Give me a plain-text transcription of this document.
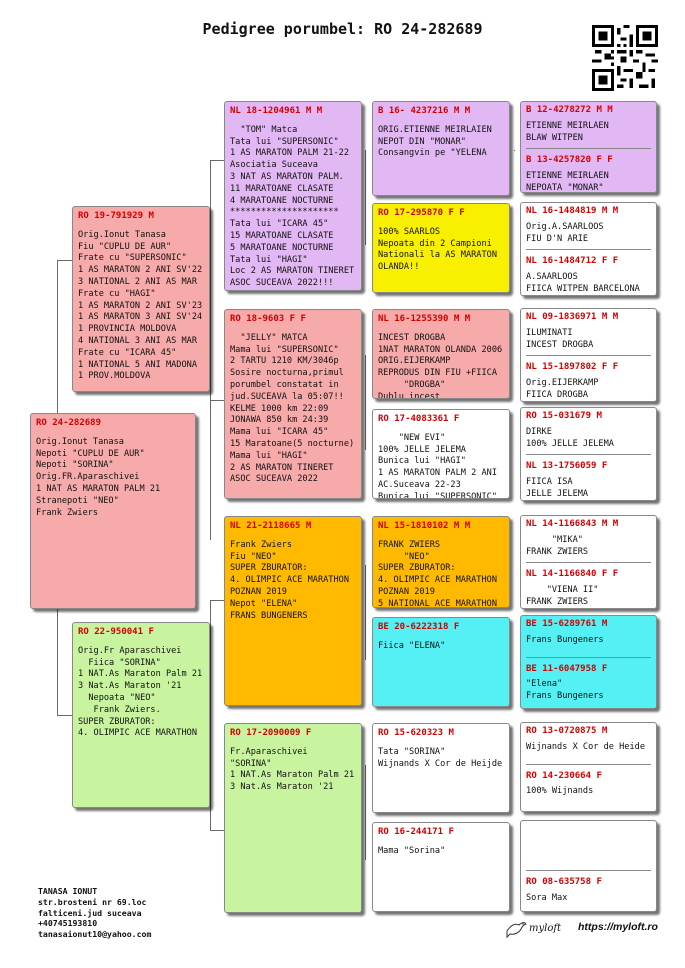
Pedigree porumbel: RO 24-282689
RO 24-282689
Orig.Ionut Tanasa
Nepoti "CUPLU DE AUR"
Nepoti "SORINA"
Orig.FR.Aparaschivei
1 NAT AS MARATON PALM 21
Stranepoti "NEO"
Frank Zwiers
RO 19-791929 M
Orig.Ionut Tanasa
Fiu "CUPLU DE AUR"
Frate cu "SUPERSONIC"
1 AS MARATON 2 ANI SV'22
3 NATIONAL 2 ANI AS MAR
Frate cu "HAGI"
1 AS MARATON 2 ANI SV'23
1 AS MARATON 3 ANI SV'24
1 PROVINCIA MOLDOVA
4 NATIONAL 3 ANI AS MAR
Frate cu "ICARA 45"
1 NATIONAL 5 ANI MADONA
1 PROV.MOLDOVA
RO 22-950041 F
Orig.Fr Aparaschivei
Fiica "SORINA"
1 NAT.As Maraton Palm 21
3 Nat.As Maraton '21
Nepoata "NEO"
Frank Zwiers.
SUPER ZBURATOR:
4. OLIMPIC ACE MARATHON
NL 18-1204961 M M
"TOM" Matca
Tata lui "SUPERSONIC"
1 AS MARATON PALM 21-22
Asociatia Suceava
3 NAT AS MARATON PALM.
11 MARATOANE CLASATE
4 MARATOANE NOCTURNE
*********************
Tata lui "ICARA 45"
15 MARATOANE CLASATE
5 MARATOANE NOCTURNE
Tata lui "HAGI"
Loc 2 AS MARATON TINERET
ASOC SUCEAVA 2022!!!
RO 18-9603 F F
"JELLY" MATCA
Mama lui "SUPERSONIC"
2 TARTU 1210 KM/3046p
Sosire nocturna,primul
porumbel constatat in
jud.SUCEAVA la 05:07!!
KELME 1000 km 22:09
JONAWA 850 km 24:39
Mama lui "ICARA 45"
15 Maratoane(5 nocturne)
Mama lui "HAGI"
2 AS MARATON TINERET
ASOC SUCEAVA 2022
NL 21-2118665 M
Frank Zwiers
Fiu "NEO"
SUPER ZBURATOR:
4. OLIMPIC ACE MARATHON
POZNAN 2019
Nepot "ELENA"
FRANS BUNGENERS
RO 17-2090009 F
Fr.Aparaschivei
"SORINA"
1 NAT.As Maraton Palm 21
3 Nat.As Maraton '21
B 16- 4237216 M M
ORIG.ETIENNE MEIRLAIEN
NEPOT DIN "MONAR"
Consangvin pe "YELENA
RO 17-295870 F F
100% SAARLOS
Nepoata din 2 Campioni
Nationali la AS MARATON
OLANDA!!
NL 16-1255390 M M
INCEST DROGBA
1NAT MARATON OLANDA 2006
ORIG.EIJERKAMP
REPRODUS DIN FIU +FIICA
"DROGBA"
Dublu incest
RO 17-4083361 F
"NEW EVI"
100% JELLE JELEMA
Bunica lui "HAGI"
1 AS MARATON PALM 2 ANI
AC.Suceava 22-23
Bunica lui "SUPERSONIC"
NL 15-1810102 M M
FRANK ZWIERS
"NEO"
SUPER ZBURATOR:
4. OLIMPIC ACE MARATHON
POZNAN 2019
5 NATIONAL ACE MARATHON
BE 20-6222318 F
Fiica "ELENA"
RO 15-620323 M
Tata "SORINA"
Wijnands X Cor de Heijde
RO 16-244171 F
Mama "Sorina"
B 12-4278272 M M
ETIENNE MEIRLAEN
BLAW WITPEN
B 13-4257820 F F
ETIENNE MEIRLAEN
NEPOATA "MONAR"
NL 16-1484819 M M
Orig.A.SAARLOOS
FIU D'N ARIE
NL 16-1484712 F F
A.SAARLOOS
FIICA WITPEN BARCELONA
NL 09-1836971 M M
ILUMINATI
INCEST DROGBA
NL 15-1897802 F F
Orig.EIJERKAMP
FIICA DROGBA
RO 15-031679 M
DIRKE
100% JELLE JELEMA
NL 13-1756059 F
FIICA ISA
JELLE JELEMA
NL 14-1166843 M M
"MIKA"
FRANK ZWIERS
NL 14-1166840 F F
"VIENA II"
FRANK ZWIERS
BE 15-6289761 M
Frans Bungeners
BE 11-6047958 F
"Elena"
Frans Bungeners
RO 13-0720875 M
Wijnands X Cor de Heide
RO 14-230664 F
100% Wijnands
RO 08-635758 F
Sora Max
TANASA IONUT
str.brosteni nr 69.loc
falticeni.jud suceava
+40745193810
tanasaionut10@yahoo.com
myloft https://myloft.ro
